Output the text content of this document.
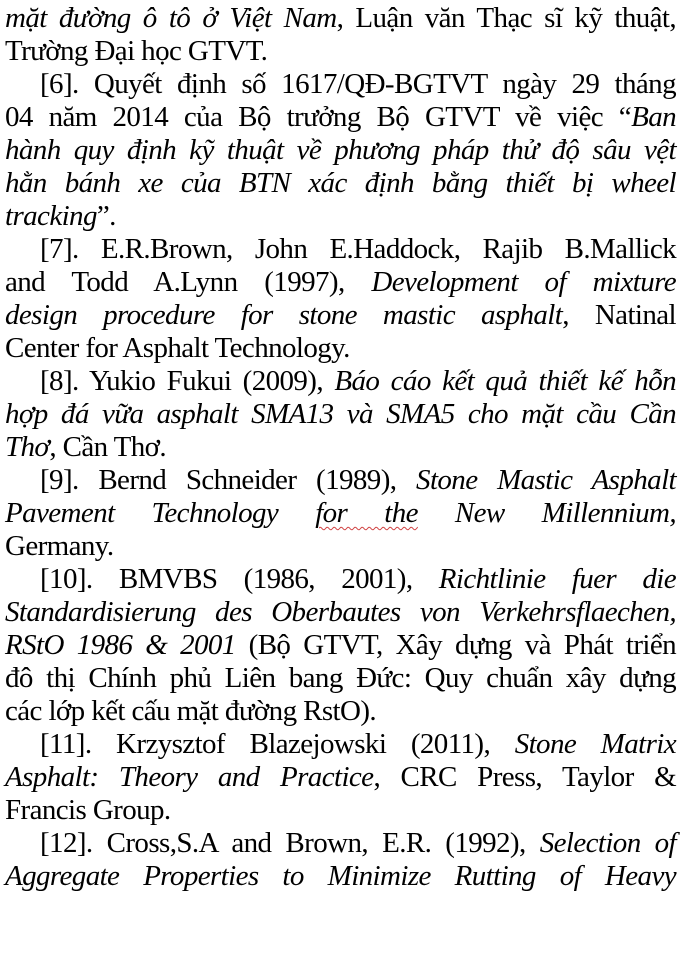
mặt đường ô tô ở Việt Nam, Luận văn Thạc sĩ kỹ thuật,
Trường Đại học GTVT.
[6]. Quyết định số 1617/QĐ-BGTVT ngày 29 tháng
04 năm 2014 của Bộ trưởng Bộ GTVT về việc “Ban
hành quy định kỹ thuật về phương pháp thử độ sâu vệt
hằn bánh xe của BTN xác định bằng thiết bị wheel
tracking”.
[7]. E.R.Brown, John E.Haddock, Rajib B.Mallick
and Todd A.Lynn (1997), Development of mixture
design procedure for stone mastic asphalt, Natinal
Center for Asphalt Technology.
[8]. Yukio Fukui (2009), Báo cáo kết quả thiết kế hỗn
hợp đá vữa asphalt SMA13 và SMA5 cho mặt cầu Cần
Thơ, Cần Thơ.
[9]. Bernd Schneider (1989), Stone Mastic Asphalt
Pavement Technology for the New Millennium,
Germany.
[10]. BMVBS (1986, 2001), Richtlinie fuer die
Standardisierung des Oberbautes von Verkehrsflaechen,
RStO 1986 & 2001 (Bộ GTVT, Xây dựng và Phát triển
đô thị Chính phủ Liên bang Đức: Quy chuẩn xây dựng
các lớp kết cấu mặt đường RstO).
[11]. Krzysztof Blazejowski (2011), Stone Matrix
Asphalt: Theory and Practice, CRC Press, Taylor &
Francis Group.
[12]. Cross,S.A and Brown, E.R. (1992), Selection of
Aggregate Properties to Minimize Rutting of Heavy
